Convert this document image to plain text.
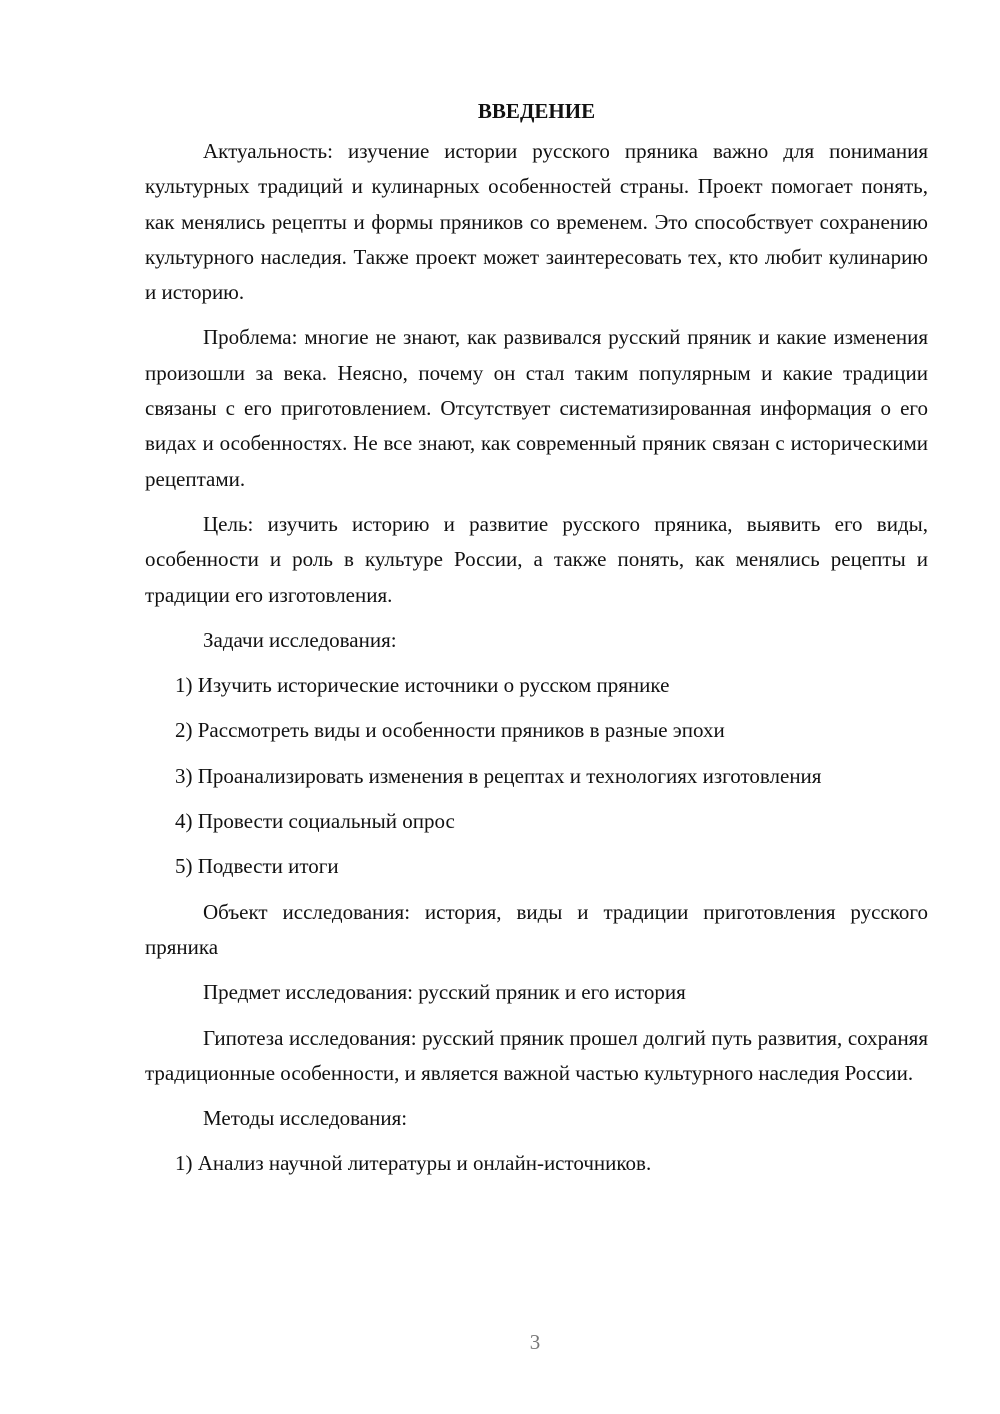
ВВЕДЕНИЕ

Актуальность: изучение истории русского пряника важно для понимания культурных традиций и кулинарных особенностей страны. Проект помогает понять, как менялись рецепты и формы пряников со временем. Это способствует сохранению культурного наследия. Также проект может заинтересовать тех, кто любит кулинарию и историю.

Проблема: многие не знают, как развивался русский пряник и какие изменения произошли за века. Неясно, почему он стал таким популярным и какие традиции связаны с его приготовлением. Отсутствует систематизированная информация о его видах и особенностях. Не все знают, как современный пряник связан с историческими рецептами.

Цель: изучить историю и развитие русского пряника, выявить его виды, особенности и роль в культуре России, а также понять, как менялись рецепты и традиции его изготовления.

Задачи исследования:

1) Изучить исторические источники о русском прянике

2) Рассмотреть виды и особенности пряников в разные эпохи

3) Проанализировать изменения в рецептах и технологиях изготовления

4) Провести социальный опрос

5) Подвести итоги

Объект исследования: история, виды и традиции приготовления русского пряника

Предмет исследования: русский пряник и его история

Гипотеза исследования: русский пряник прошел долгий путь развития, сохраняя традиционные особенности, и является важной частью культурного наследия России.

Методы исследования:

1) Анализ научной литературы и онлайн-источников.

3
